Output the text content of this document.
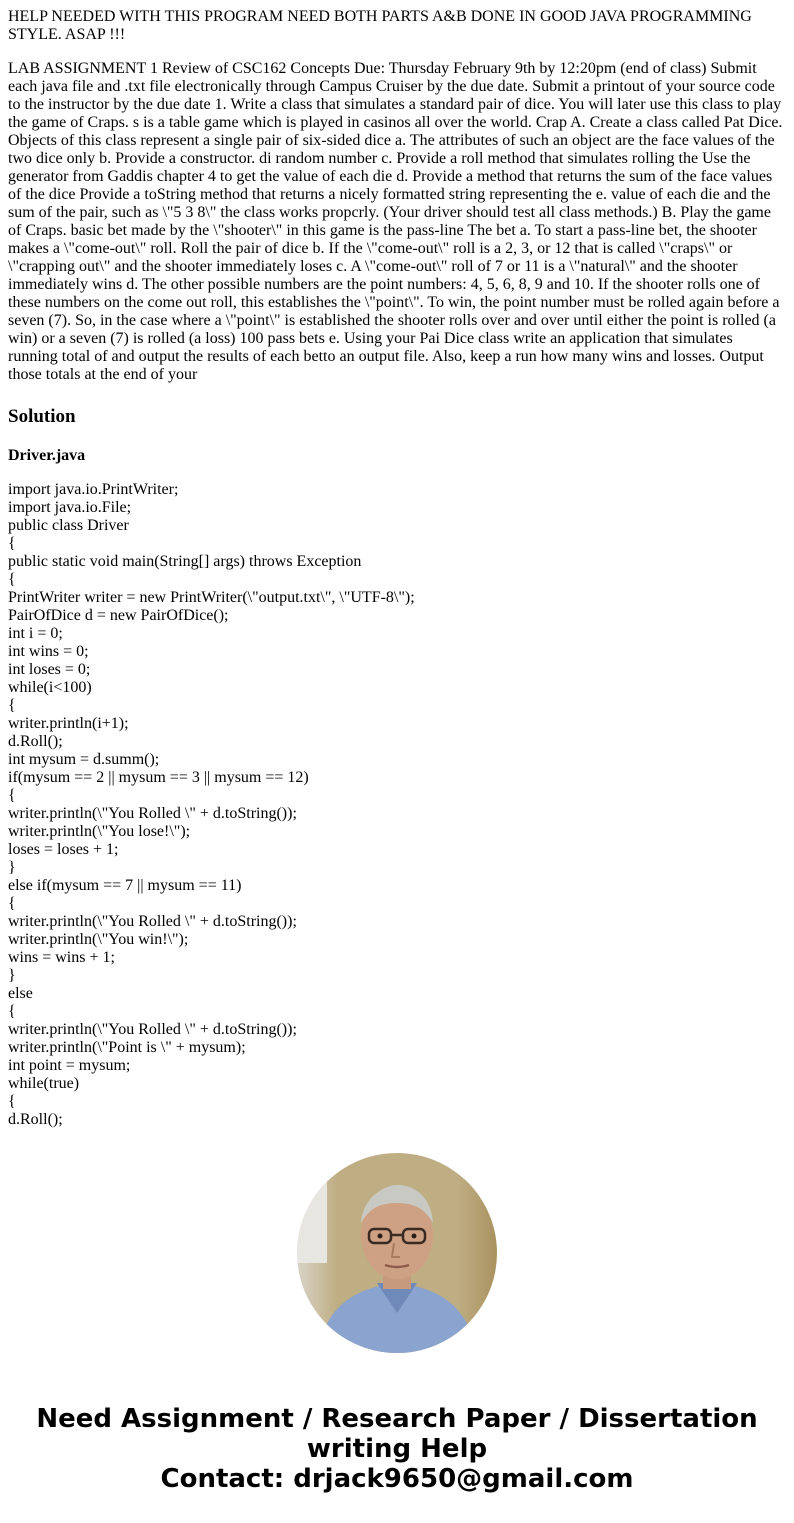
HELP NEEDED WITH THIS PROGRAM NEED BOTH PARTS A&B DONE IN GOOD JAVA PROGRAMMING STYLE. ASAP !!!

LAB ASSIGNMENT 1 Review of CSC162 Concepts Due: Thursday February 9th by 12:20pm (end of class) Submit each java file and .txt file electronically through Campus Cruiser by the due date. Submit a printout of your source code to the instructor by the due date 1. Write a class that simulates a standard pair of dice. You will later use this class to play the game of Craps. s is a table game which is played in casinos all over the world. Crap A. Create a class called Pat Dice. Objects of this class represent a single pair of six-sided dice a. The attributes of such an object are the face values of the two dice only b. Provide a constructor. di random number c. Provide a roll method that simulates rolling the Use the generator from Gaddis chapter 4 to get the value of each die d. Provide a method that returns the sum of the face values of the dice Provide a toString method that returns a nicely formatted string representing the e. value of each die and the sum of the pair, such as \"5 3 8\" the class works propcrly. (Your driver should test all class methods.) B. Play the game of Craps. basic bet made by the \"shooter\" in this game is the pass-line The bet a. To start a pass-line bet, the shooter makes a \"come-out\" roll. Roll the pair of dice b. If the \"come-out\" roll is a 2, 3, or 12 that is called \"craps\" or \"crapping out\" and the shooter immediately loses c. A \"come-out\" roll of 7 or 11 is a \"natural\" and the shooter immediately wins d. The other possible numbers are the point numbers: 4, 5, 6, 8, 9 and 10. If the shooter rolls one of these numbers on the come out roll, this establishes the \"point\". To win, the point number must be rolled again before a seven (7). So, in the case where a \"point\" is established the shooter rolls over and over until either the point is rolled (a win) or a seven (7) is rolled (a loss) 100 pass bets e. Using your Pai Dice class write an application that simulates running total of and output the results of each betto an output file. Also, keep a run how many wins and losses. Output those totals at the end of your

Solution
Driver.java
import java.io.PrintWriter;
import java.io.File;
public class Driver
{
public static void main(String[] args) throws Exception
{
PrintWriter writer = new PrintWriter(\"output.txt\", \"UTF-8\");
PairOfDice d = new PairOfDice();
int i = 0;
int wins = 0;
int loses = 0;
while(i<100)
{
writer.println(i+1);
d.Roll();
int mysum = d.summ();
if(mysum == 2 || mysum == 3 || mysum == 12)
{
writer.println(\"You Rolled \" + d.toString());
writer.println(\"You lose!\");
loses = loses + 1;
}
else if(mysum == 7 || mysum == 11)
{
writer.println(\"You Rolled \" + d.toString());
writer.println(\"You win!\");
wins = wins + 1;
}
else
{
writer.println(\"You Rolled \" + d.toString());
writer.println(\"Point is \" + mysum);
int point = mysum;
while(true)
{
d.Roll();
Need Assignment / Research Paper / Dissertation
writing Help
Contact: drjack9650@gmail.com
